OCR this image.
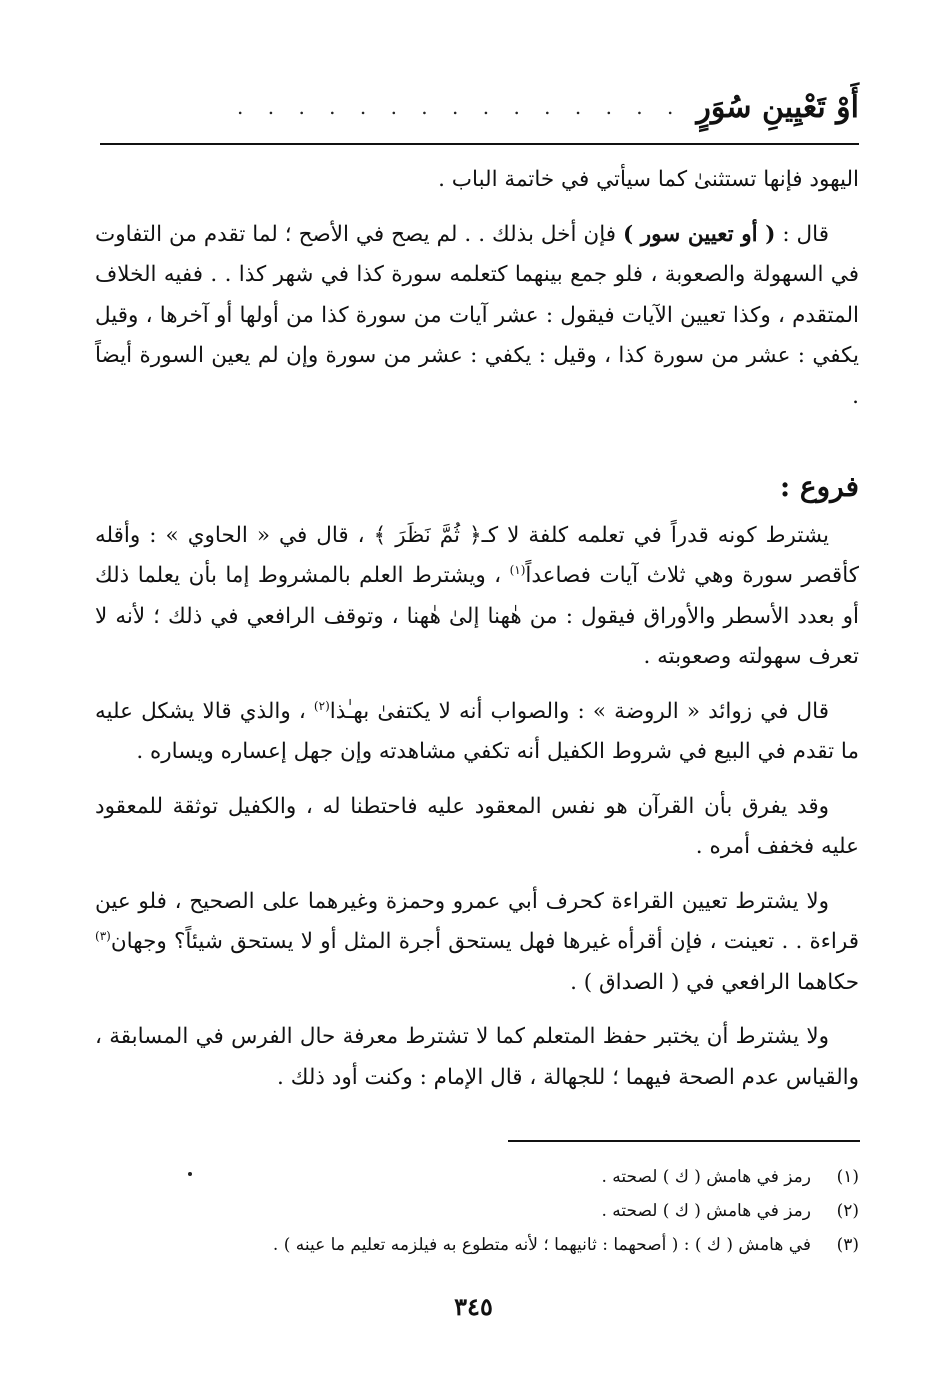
أَوْ تَعْيِينِ سُوَرٍ
. . . . . . . . . . . . . . .

اليهود فإنها تستثنىٰ كما سيأتي في خاتمة الباب .

قال : ( أو تعيين سور ) فإن أخل بذلك . . لم يصح في الأصح ؛ لما تقدم من التفاوت في السهولة والصعوبة ، فلو جمع بينهما كتعلمه سورة كذا في شهر كذا . . ففيه الخلاف المتقدم ، وكذا تعيين الآيات فيقول : عشر آيات من سورة كذا من أولها أو آخرها ، وقيل يكفي : عشر من سورة كذا ، وقيل : يكفي : عشر من سورة وإن لم يعين السورة أيضاً .

فروع :

يشترط كونه قدراً في تعلمه كلفة لا كـ﴿ ثُمَّ نَظَرَ ﴾ ، قال في « الحاوي » : وأقله كأقصر سورة وهي ثلاث آيات فصاعداً$^{(١)}$ ، ويشترط العلم بالمشروط إما بأن يعلما ذلك أو بعدد الأسطر والأوراق فيقول : من هٰهنا إلىٰ هٰهنا ، وتوقف الرافعي في ذلك ؛ لأنه لا تعرف سهولته وصعوبته .

قال في زوائد « الروضة » : والصواب أنه لا يكتفىٰ بهـٰذا$^{(٢)}$ ، والذي قالا يشكل عليه ما تقدم في البيع في شروط الكفيل أنه تكفي مشاهدته وإن جهل إعساره ويساره .

وقد يفرق بأن القرآن هو نفس المعقود عليه فاحتطنا له ، والكفيل توثقة للمعقود عليه فخفف أمره .

ولا يشترط تعيين القراءة كحرف أبي عمرو وحمزة وغيرهما على الصحيح ، فلو عين قراءة . . تعينت ، فإن أقرأه غيرها فهل يستحق أجرة المثل أو لا يستحق شيئاً؟ وجهان$^{(٣)}$ حكاهما الرافعي في ( الصداق ) .

ولا يشترط أن يختبر حفظ المتعلم كما لا تشترط معرفة حال الفرس في المسابقة ، والقياس عدم الصحة فيهما ؛ للجهالة ، قال الإمام : وكنت أود ذلك .

(١)
رمز في هامش ( ك ) لصحته .
(٢)
رمز في هامش ( ك ) لصحته .
(٣)
في هامش ( ك ) : ( أصحهما : ثانيهما ؛ لأنه متطوع به فيلزمه تعليم ما عينه ) .
٣٤٥
